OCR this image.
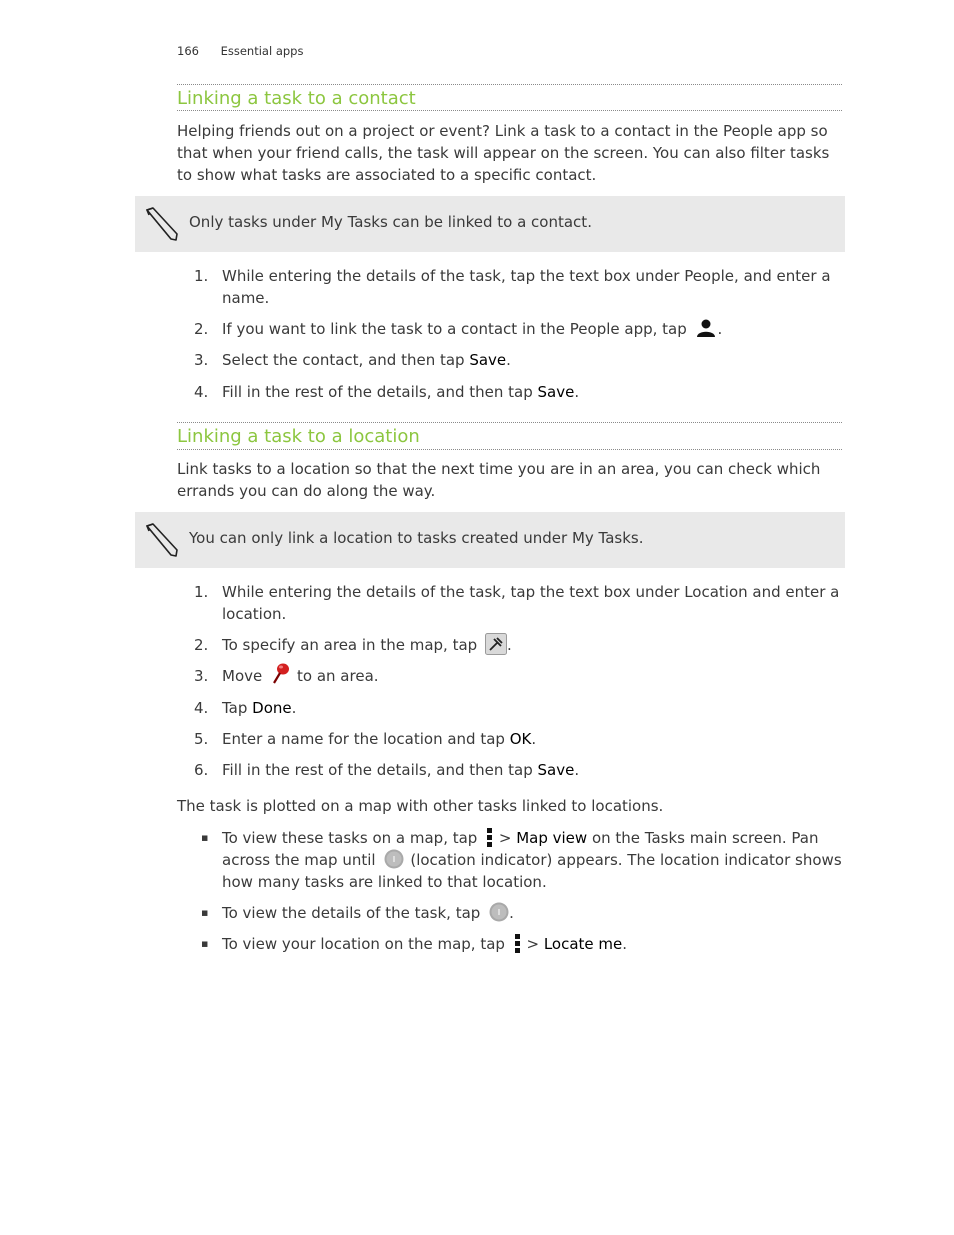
166 Essential apps
Linking a task to a contact

Helping friends out on a project or event? Link a task to a contact in the People app so that when your friend calls, the task will appear on the screen. You can also filter tasks to show what tasks are associated to a specific contact.

Only tasks under My Tasks can be linked to a contact.
1. While entering the details of the task, tap the text box under People, and enter a name.
2. If you want to link the task to a contact in the People app, tap .
3. Select the contact, and then tap Save.
4. Fill in the rest of the details, and then tap Save.
Linking a task to a location

Link tasks to a location so that the next time you are in an area, you can check which errands you can do along the way.

You can only link a location to tasks created under My Tasks.
1. While entering the details of the task, tap the text box under Location and enter a location.
2. To specify an area in the map, tap .
3. Move to an area.
4. Tap Done.
5. Enter a name for the location and tap OK.
6. Fill in the rest of the details, and then tap Save.

The task is plotted on a map with other tasks linked to locations.

▪ To view these tasks on a map, tap  > Map view on the Tasks main screen. Pan across the map until (location indicator) appears. The location indicator shows how many tasks are linked to that location.
▪ To view the details of the task, tap .
▪ To view your location on the map, tap  > Locate me.
